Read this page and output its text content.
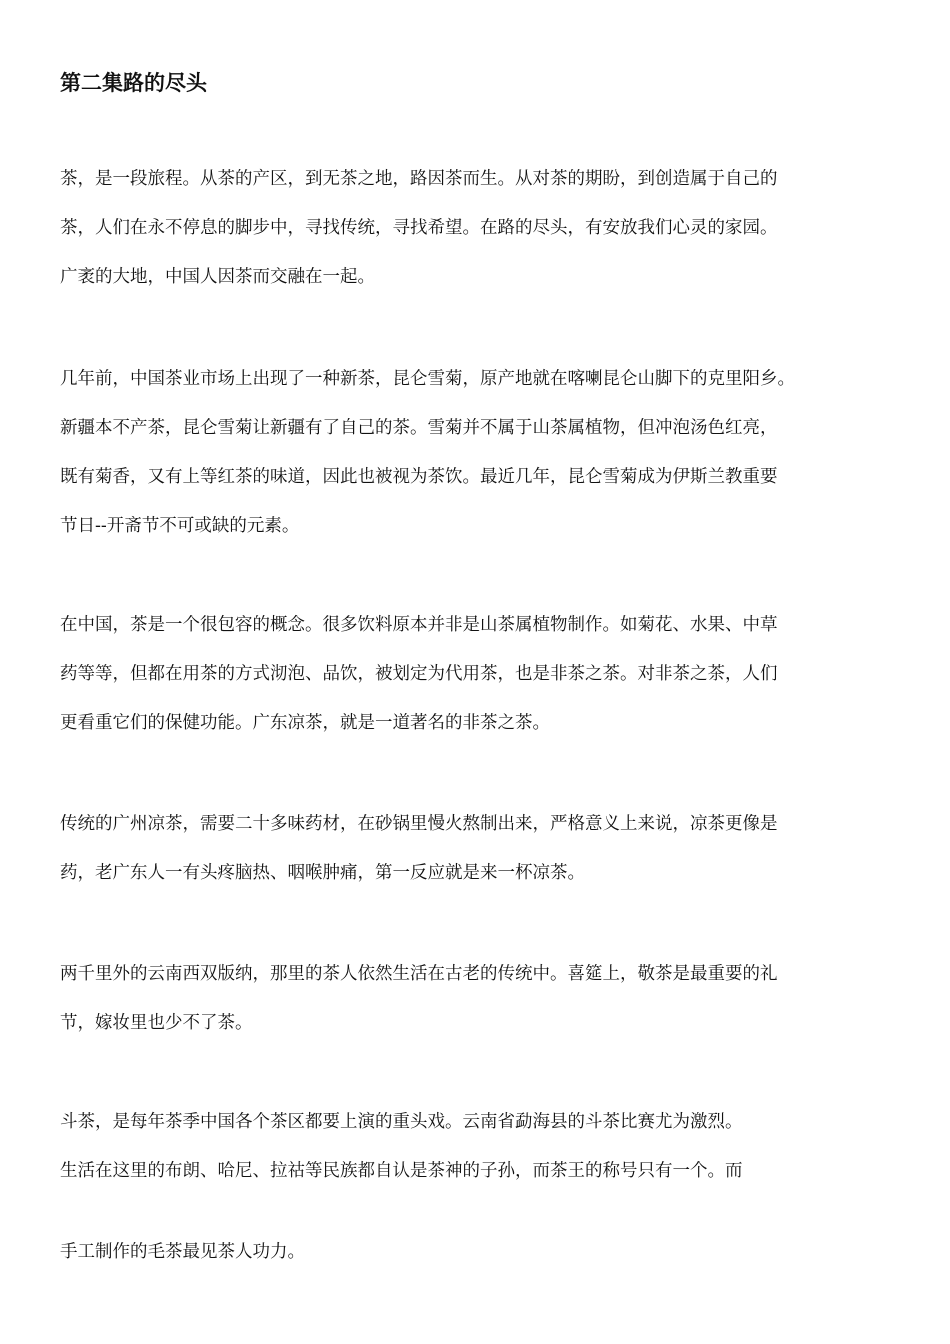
第二集路的尽头
茶，是一段旅程。从茶的产区，到无茶之地，路因茶而生。从对茶的期盼，到创造属于自己的
茶，人们在永不停息的脚步中，寻找传统，寻找希望。在路的尽头，有安放我们心灵的家园。
广袤的大地，中国人因茶而交融在一起。
几年前，中国茶业市场上出现了一种新茶，昆仑雪菊，原产地就在喀喇昆仑山脚下的克里阳乡。
新疆本不产茶，昆仑雪菊让新疆有了自己的茶。雪菊并不属于山茶属植物，但冲泡汤色红亮，
既有菊香，又有上等红茶的味道，因此也被视为茶饮。最近几年，昆仑雪菊成为伊斯兰教重要
节日--开斋节不可或缺的元素。
在中国，茶是一个很包容的概念。很多饮料原本并非是山茶属植物制作。如菊花、水果、中草
药等等，但都在用茶的方式沏泡、品饮，被划定为代用茶，也是非茶之茶。对非茶之茶，人们
更看重它们的保健功能。广东凉茶，就是一道著名的非茶之茶。
传统的广州凉茶，需要二十多味药材，在砂锅里慢火熬制出来，严格意义上来说，凉茶更像是
药，老广东人一有头疼脑热、咽喉肿痛，第一反应就是来一杯凉茶。
两千里外的云南西双版纳，那里的茶人依然生活在古老的传统中。喜筵上，敬茶是最重要的礼
节，嫁妆里也少不了茶。
斗茶，是每年茶季中国各个茶区都要上演的重头戏。云南省勐海县的斗茶比赛尤为激烈。
生活在这里的布朗、哈尼、拉祜等民族都自认是茶神的子孙，而茶王的称号只有一个。而
手工制作的毛茶最见茶人功力。
